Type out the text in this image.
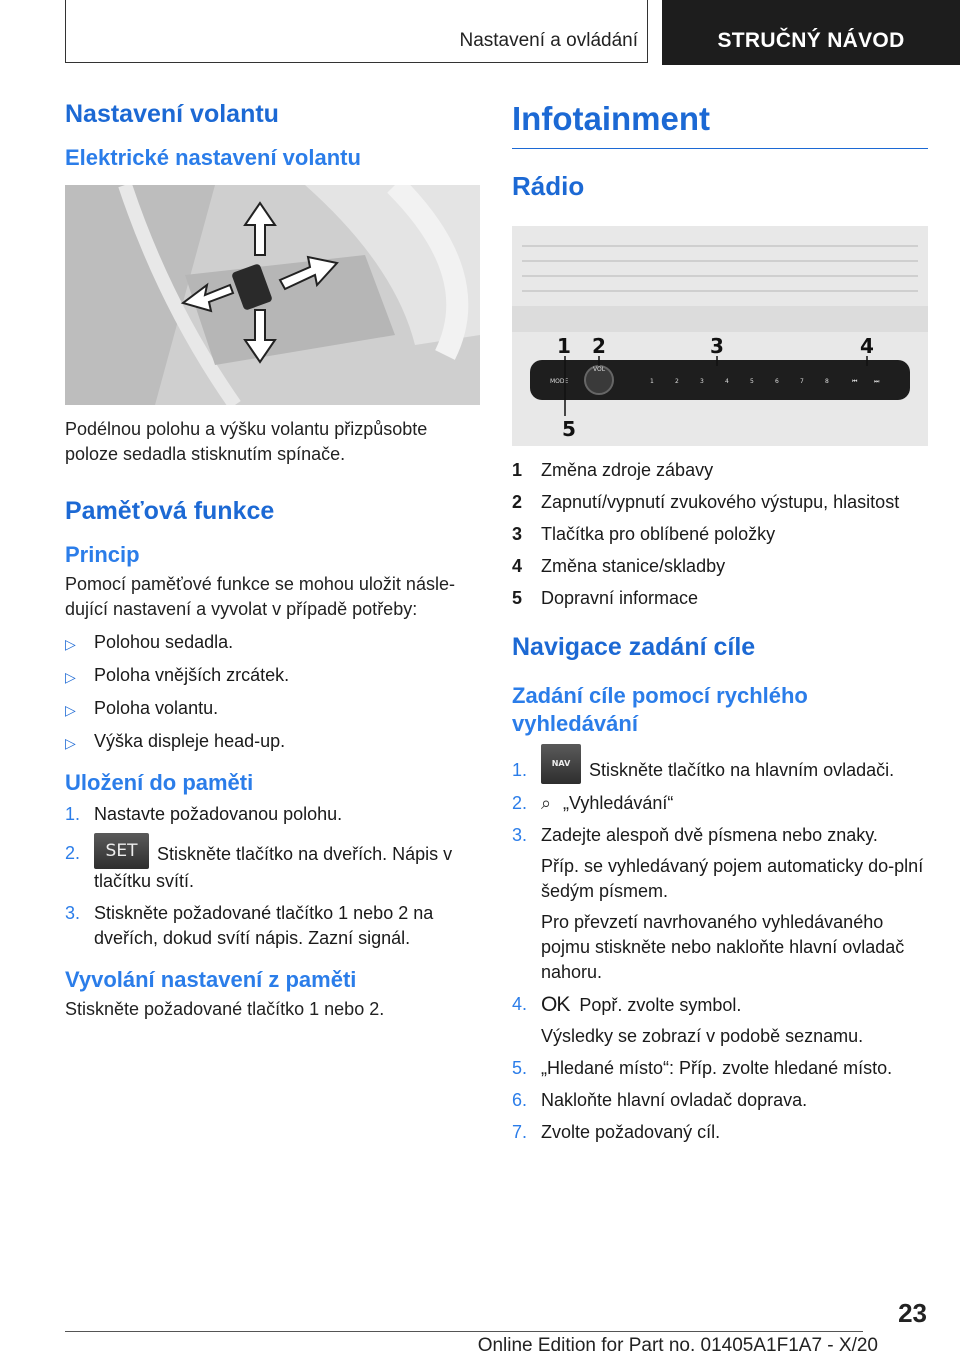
Nastavení a ovládání	STRUČNÝ NÁVOD
Nastavení volantu
Elektrické nastavení volantu

Podélnou polohu a výšku volantu přizpůsobte poloze sedadla stisknutím spínače.

Paměťová funkce
Princip

Pomocí paměťové funkce se mohou uložit násle-dující nastavení a vyvolat v případě potřeby:

▷	Polohou sedadla.
▷	Poloha vnějších zrcátek.
▷	Poloha volantu.
▷	Výška displeje head-up.
Uložení do paměti
1. Nastavte požadovanou polohu.
2.	SET Stiskněte tlačítko na dveřích. Nápis v tlačítku svítí.
3. Stiskněte požadované tlačítko 1 nebo 2 na dveřích, dokud svítí nápis. Zazní signál.
Vyvolání nastavení z paměti

Stiskněte požadované tlačítko 1 nebo 2.

Infotainment
Rádio
MODE
VOL
1	2	3	4	5	6	7	8	⏮	⏭
1 2	3	4
5
1	Změna zdroje zábavy
2	Zapnutí/vypnutí zvukového výstupu, hlasitost
3	Tlačítka pro oblíbené položky
4	Změna stanice/skladby
5	Dopravní informace
Navigace zadání cíle
Zadání cíle pomocí rychlého vyhledávání
1.	NAV Stiskněte tlačítko na hlavním ovladači.
2. ⌕ „Vyhledávání“
3. Zadejte alespoň dvě písmena nebo znaky.
Příp. se vyhledávaný pojem automaticky do-plní šedým písmem.
Pro převzetí navrhovaného vyhledávaného pojmu stiskněte nebo nakloňte hlavní ovladač nahoru.
4. OK Popř. zvolte symbol.
Výsledky se zobrazí v podobě seznamu.
5. „Hledané místo“: Příp. zvolte hledané místo.
6. Nakloňte hlavní ovladač doprava.
7. Zvolte požadovaný cíl.
23
Online Edition for Part no. 01405A1F1A7 - X/20
